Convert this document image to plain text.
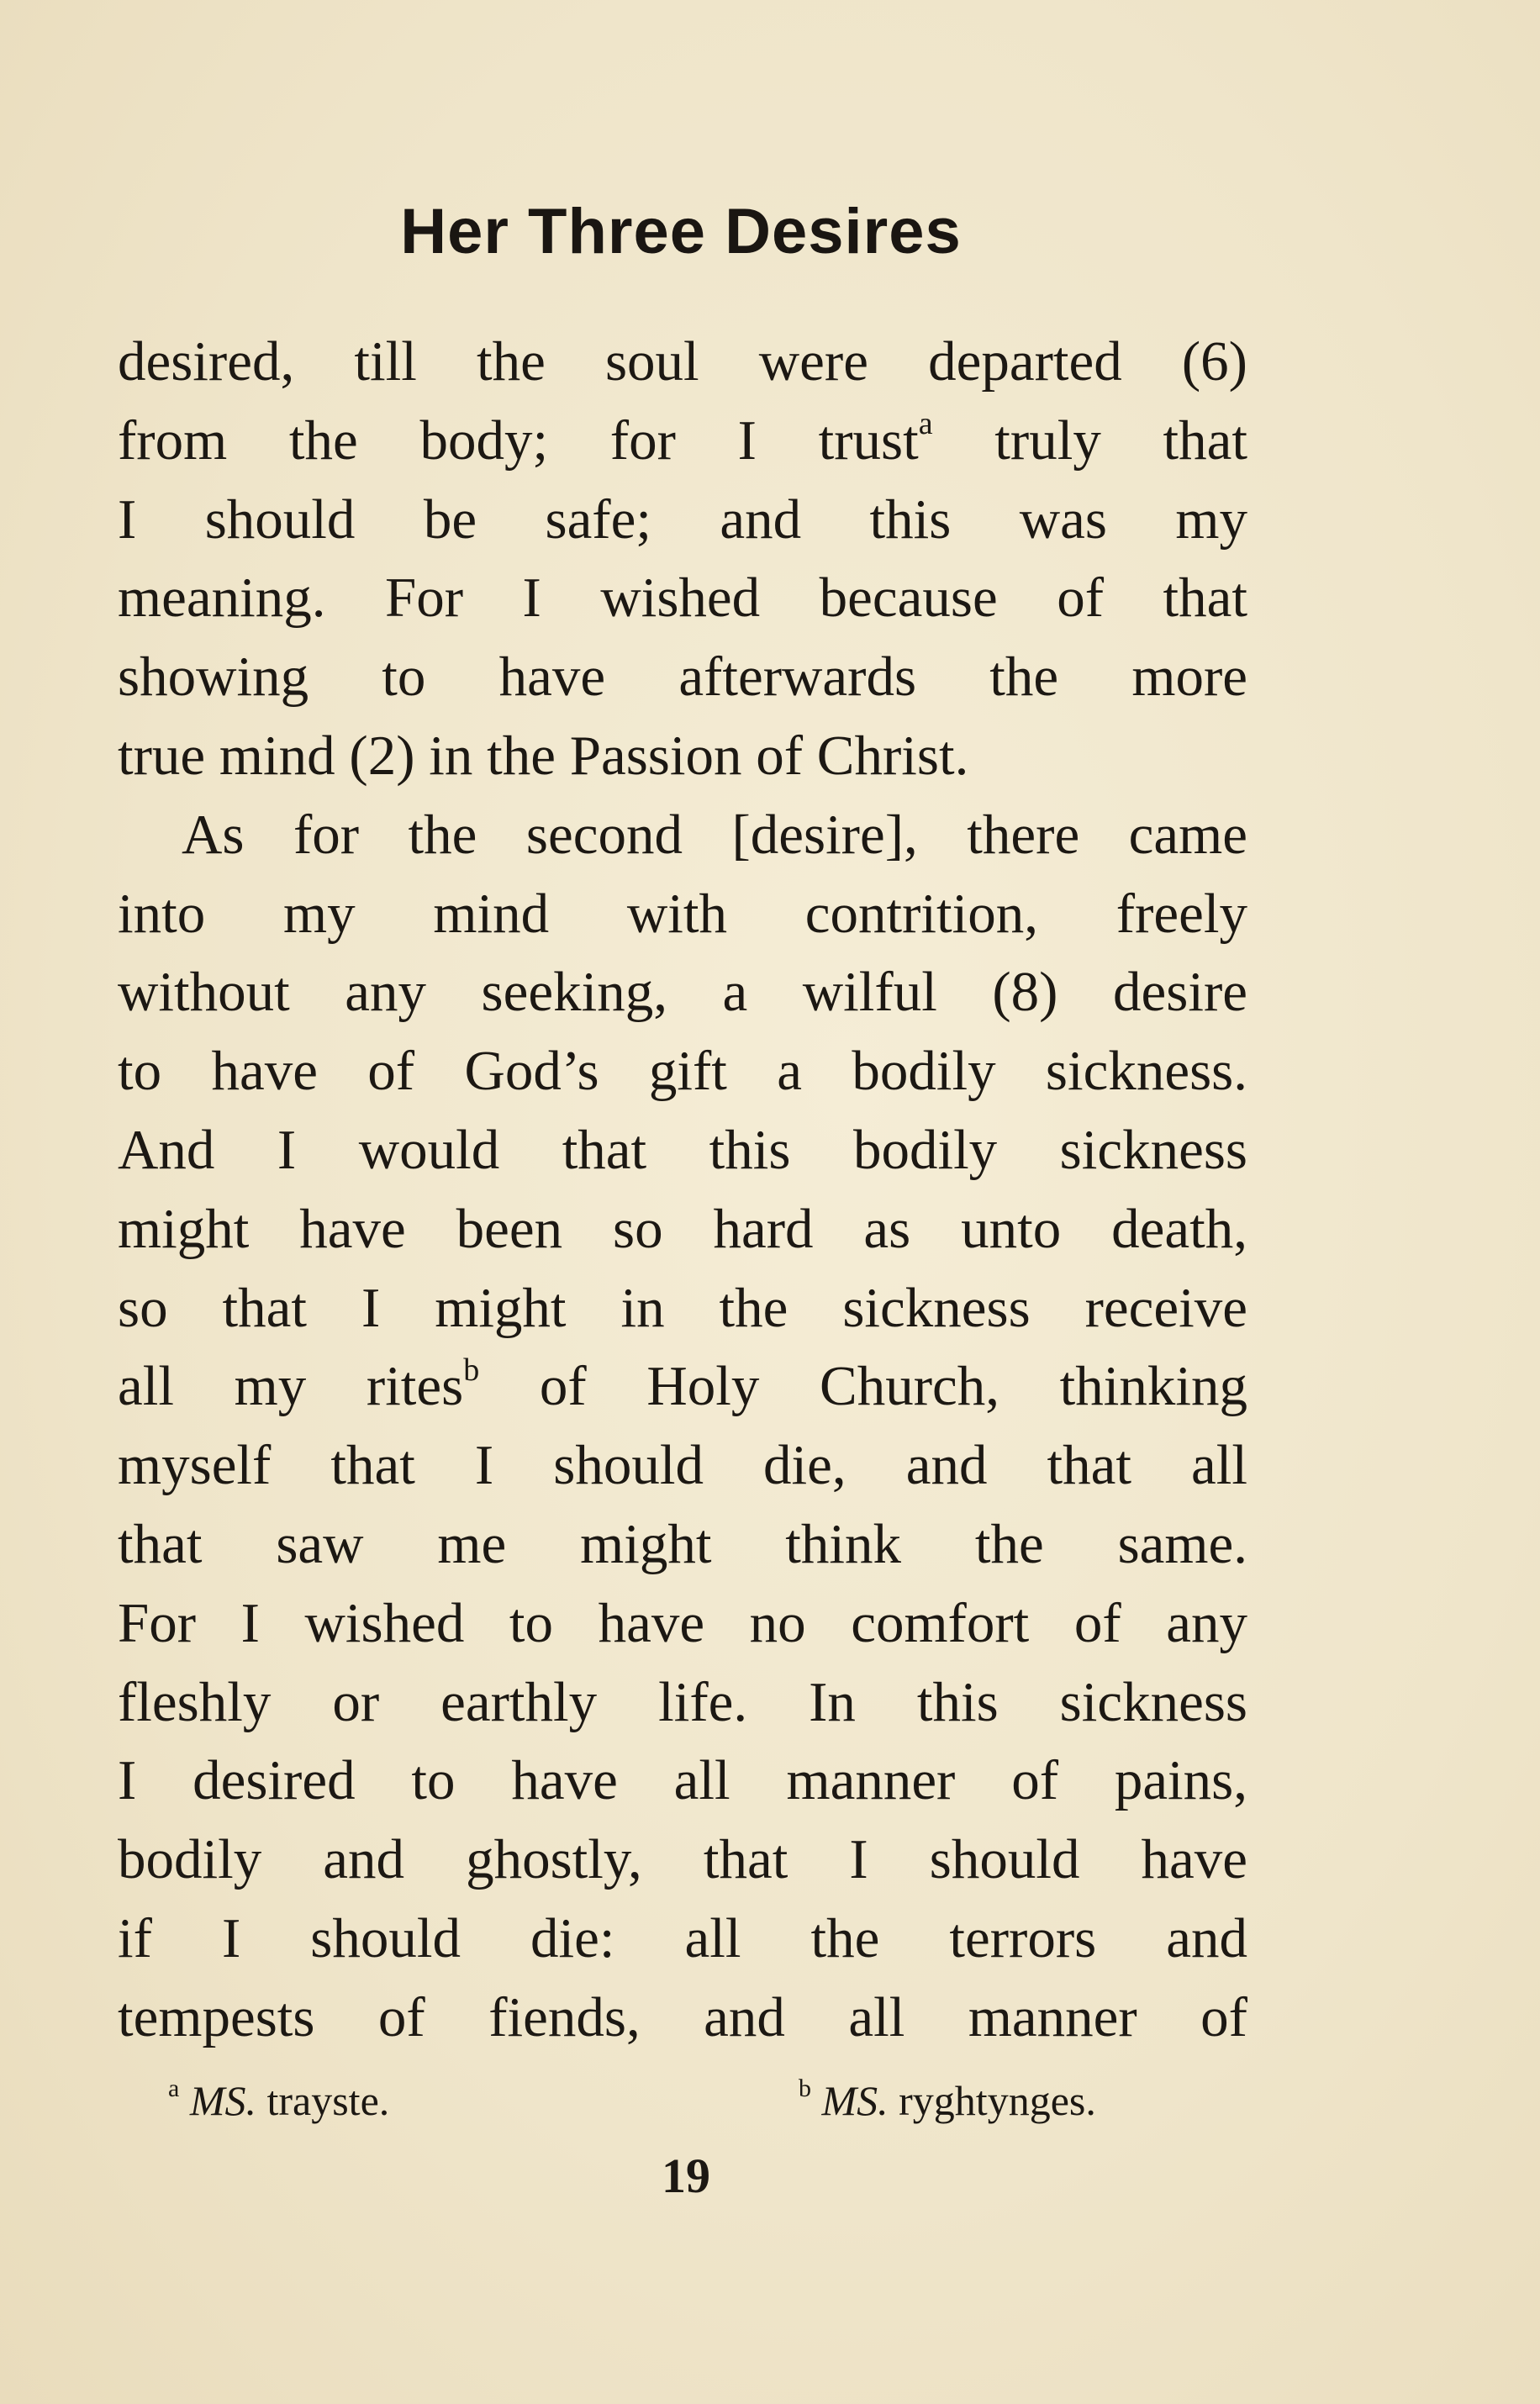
Her Three Desires
desired, till the soul were departed (6)
from the body; for I trust$^a$ truly that
I should be safe; and this was my
meaning. For I wished because of that
showing to have afterwards the more
true mind (2) in the Passion of Christ.
As for the second [desire], there came
into my mind with contrition, freely
without any seeking, a wilful (8) desire
to have of God’s gift a bodily sickness.
And I would that this bodily sickness
might have been so hard as unto death,
so that I might in the sickness receive
all my rites$^b$ of Holy Church, thinking
myself that I should die, and that all
that saw me might think the same.
For I wished to have no comfort of any
fleshly or earthly life. In this sickness
I desired to have all manner of pains,
bodily and ghostly, that I should have
if I should die: all the terrors and
tempests of fiends, and all manner of
$^a$ MS. trayste.	$^b$ MS. ryghtynges.
19
